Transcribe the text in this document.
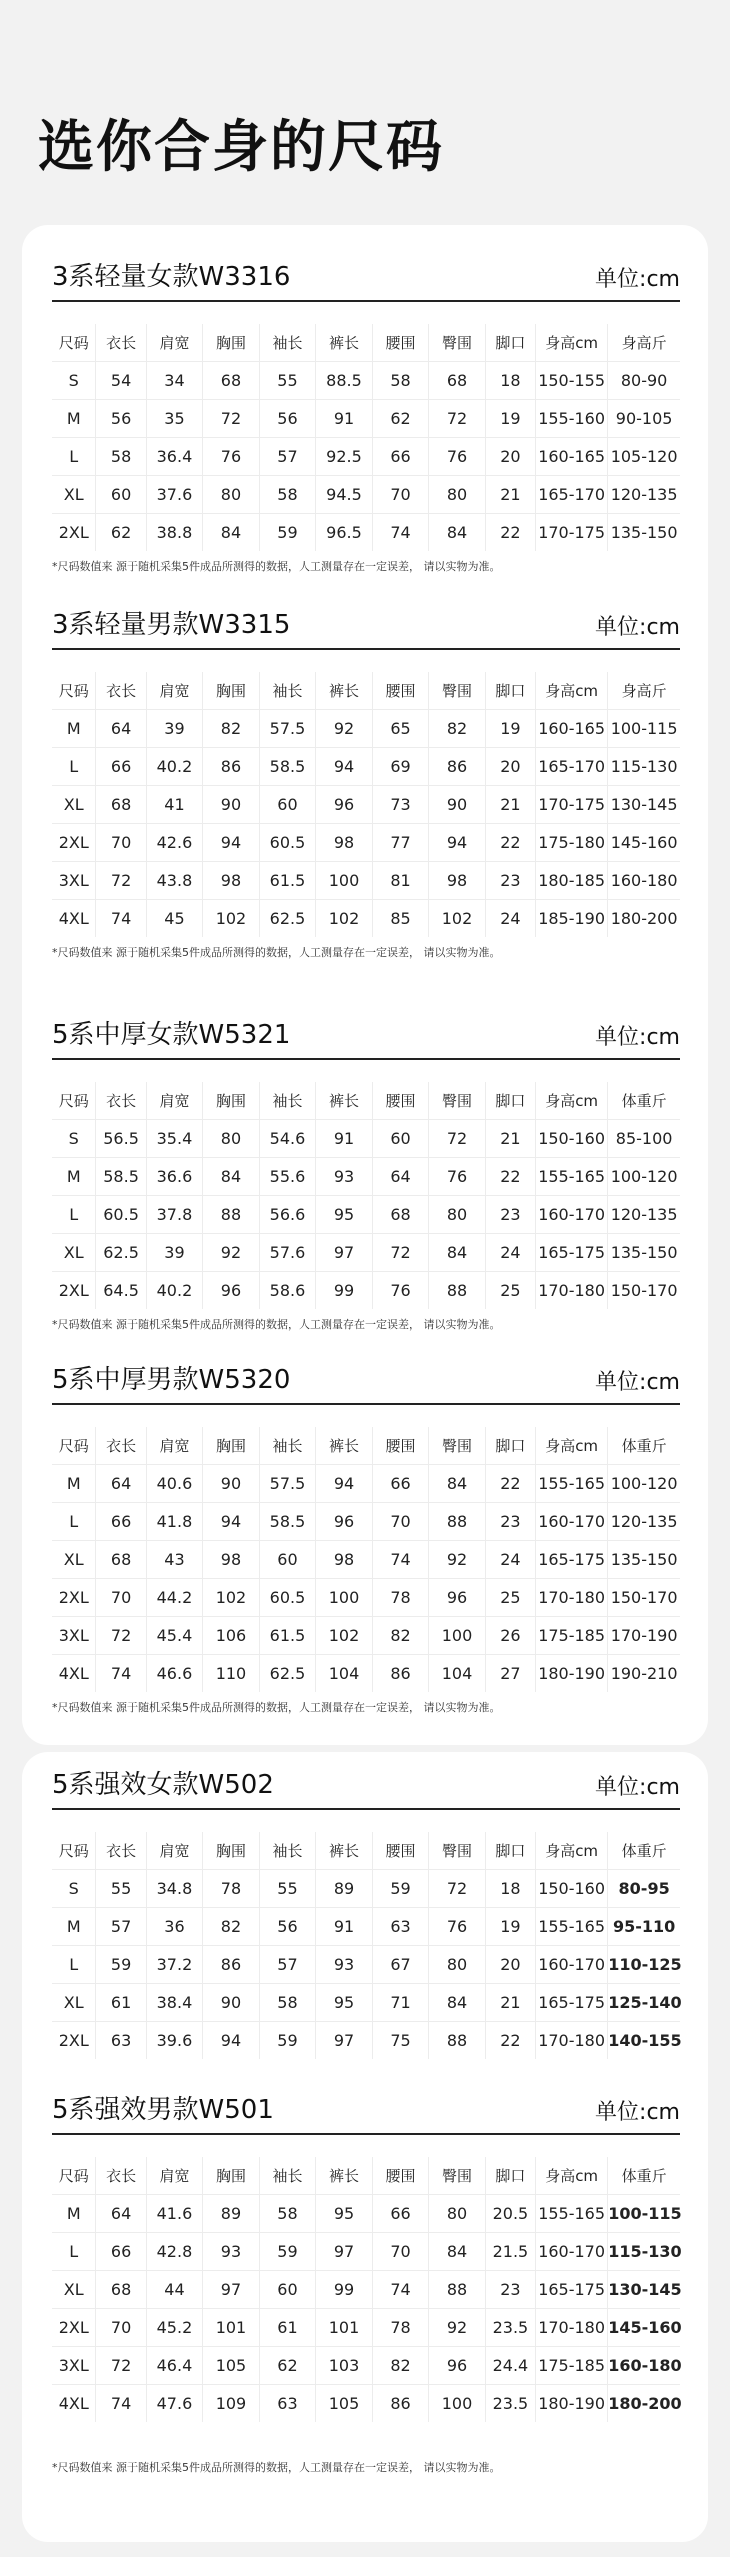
选你合身的尺码
3系轻量女款W3316	单位:cm
尺码	衣长	肩宽	胸围	袖长	裤长	腰围	臀围	脚口	身高cm	身高斤
S	54	34	68	55	88.5	58	68	18	150-155	80-90
M	56	35	72	56	91	62	72	19	155-160	90-105
L	58	36.4	76	57	92.5	66	76	20	160-165	105-120
XL	60	37.6	80	58	94.5	70	80	21	165-170	120-135
2XL	62	38.8	84	59	96.5	74	84	22	170-175	135-150
*尺码数值来 源于随机采集5件成品所测得的数据，人工测量存在一定误差， 请以实物为准。
3系轻量男款W3315	单位:cm
尺码	衣长	肩宽	胸围	袖长	裤长	腰围	臀围	脚口	身高cm	身高斤
M	64	39	82	57.5	92	65	82	19	160-165	100-115
L	66	40.2	86	58.5	94	69	86	20	165-170	115-130
XL	68	41	90	60	96	73	90	21	170-175	130-145
2XL	70	42.6	94	60.5	98	77	94	22	175-180	145-160
3XL	72	43.8	98	61.5	100	81	98	23	180-185	160-180
4XL	74	45	102	62.5	102	85	102	24	185-190	180-200
*尺码数值来 源于随机采集5件成品所测得的数据，人工测量存在一定误差， 请以实物为准。
5系中厚女款W5321	单位:cm
尺码	衣长	肩宽	胸围	袖长	裤长	腰围	臀围	脚口	身高cm	体重斤
S	56.5	35.4	80	54.6	91	60	72	21	150-160	85-100
M	58.5	36.6	84	55.6	93	64	76	22	155-165	100-120
L	60.5	37.8	88	56.6	95	68	80	23	160-170	120-135
XL	62.5	39	92	57.6	97	72	84	24	165-175	135-150
2XL	64.5	40.2	96	58.6	99	76	88	25	170-180	150-170
*尺码数值来 源于随机采集5件成品所测得的数据，人工测量存在一定误差， 请以实物为准。
5系中厚男款W5320	单位:cm
尺码	衣长	肩宽	胸围	袖长	裤长	腰围	臀围	脚口	身高cm	体重斤
M	64	40.6	90	57.5	94	66	84	22	155-165	100-120
L	66	41.8	94	58.5	96	70	88	23	160-170	120-135
XL	68	43	98	60	98	74	92	24	165-175	135-150
2XL	70	44.2	102	60.5	100	78	96	25	170-180	150-170
3XL	72	45.4	106	61.5	102	82	100	26	175-185	170-190
4XL	74	46.6	110	62.5	104	86	104	27	180-190	190-210
*尺码数值来 源于随机采集5件成品所测得的数据，人工测量存在一定误差， 请以实物为准。
5系强效女款W502	单位:cm
尺码	衣长	肩宽	胸围	袖长	裤长	腰围	臀围	脚口	身高cm	体重斤
S	55	34.8	78	55	89	59	72	18	150-160	80-95
M	57	36	82	56	91	63	76	19	155-165	95-110
L	59	37.2	86	57	93	67	80	20	160-170	110-125
XL	61	38.4	90	58	95	71	84	21	165-175	125-140
2XL	63	39.6	94	59	97	75	88	22	170-180	140-155
5系强效男款W501	单位:cm
尺码	衣长	肩宽	胸围	袖长	裤长	腰围	臀围	脚口	身高cm	体重斤
M	64	41.6	89	58	95	66	80	20.5	155-165	100-115
L	66	42.8	93	59	97	70	84	21.5	160-170	115-130
XL	68	44	97	60	99	74	88	23	165-175	130-145
2XL	70	45.2	101	61	101	78	92	23.5	170-180	145-160
3XL	72	46.4	105	62	103	82	96	24.4	175-185	160-180
4XL	74	47.6	109	63	105	86	100	23.5	180-190	180-200
*尺码数值来 源于随机采集5件成品所测得的数据，人工测量存在一定误差， 请以实物为准。
